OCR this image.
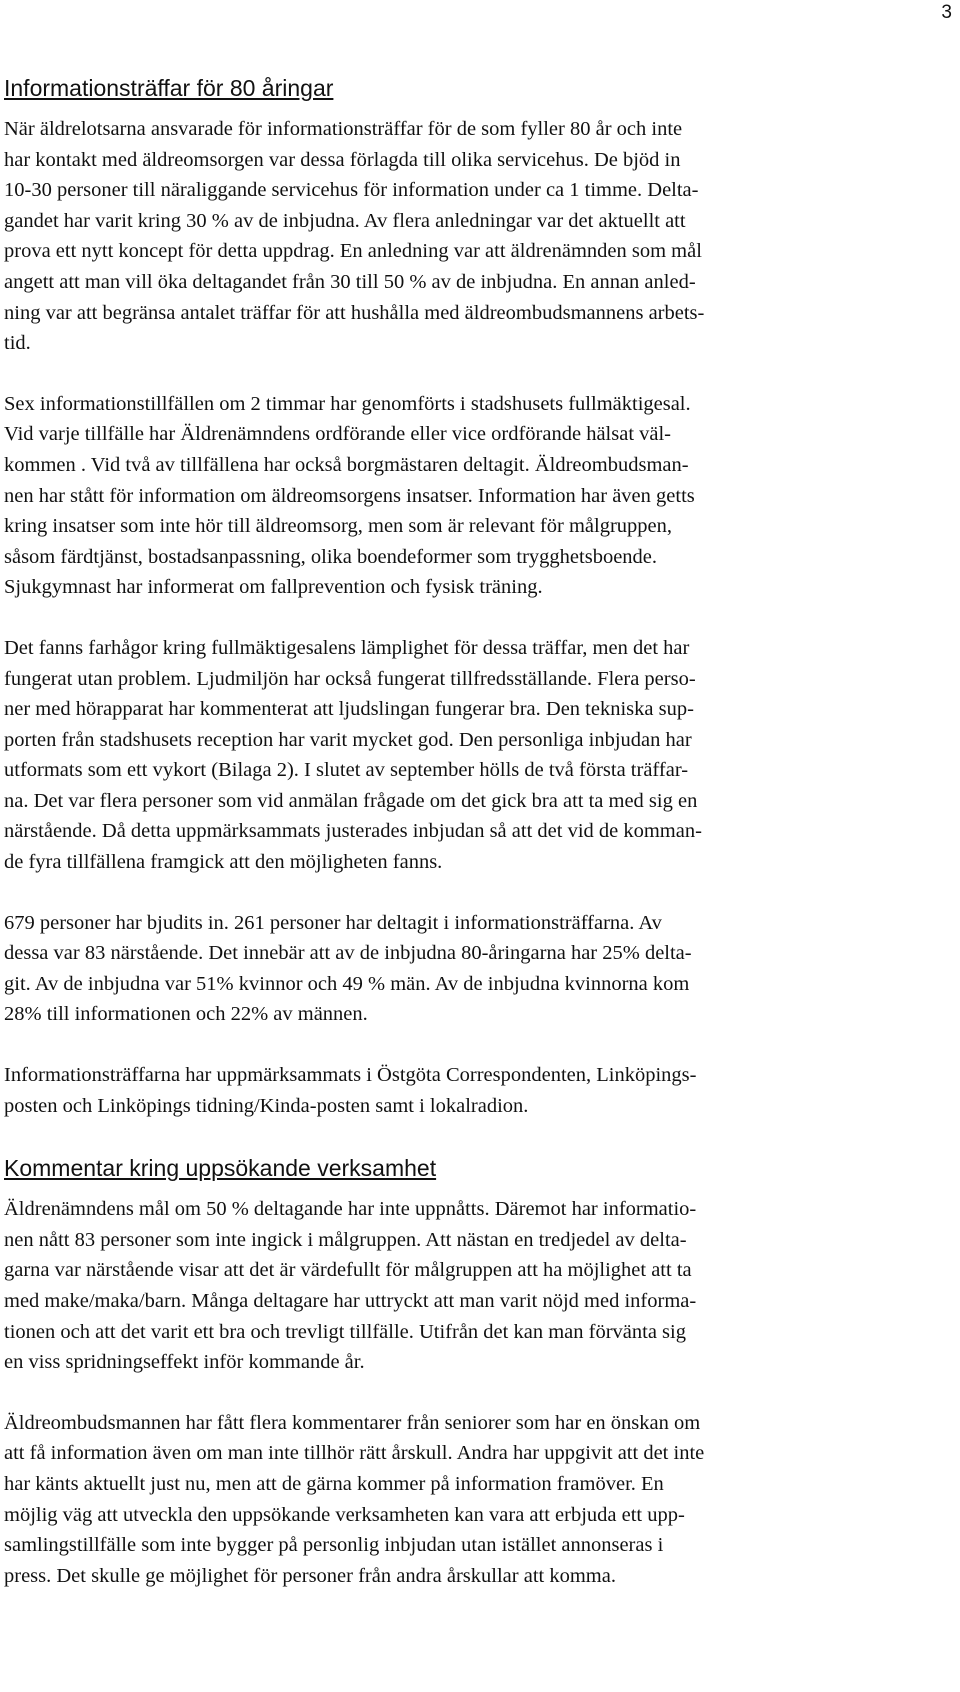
3
Informationsträffar för 80 åringar

När äldrelotsarna ansvarade för informationsträffar för de som fyller 80 år och inte
har kontakt med äldreomsorgen var dessa förlagda till olika servicehus. De bjöd in
10-30 personer till näraliggande servicehus för information under ca 1 timme. Delta-
gandet har varit kring 30 % av de inbjudna. Av flera anledningar var det aktuellt att
prova ett nytt koncept för detta uppdrag. En anledning var att äldrenämnden som mål
angett att man vill öka deltagandet från 30 till 50 % av de inbjudna. En annan anled-
ning var att begränsa antalet träffar för att hushålla med äldreombudsmannens arbets-
tid.

Sex informationstillfällen om 2 timmar har genomförts i stadshusets fullmäktigesal.
Vid varje tillfälle har Äldrenämndens ordförande eller vice ordförande hälsat väl-
kommen . Vid två av tillfällena har också borgmästaren deltagit. Äldreombudsman-
nen har stått för information om äldreomsorgens insatser. Information har även getts
kring insatser som inte hör till äldreomsorg, men som är relevant för målgruppen,
såsom färdtjänst, bostadsanpassning, olika boendeformer som trygghetsboende.
Sjukgymnast har informerat om fallprevention och fysisk träning.

Det fanns farhågor kring fullmäktigesalens lämplighet för dessa träffar, men det har
fungerat utan problem. Ljudmiljön har också fungerat tillfredsställande. Flera perso-
ner med hörapparat har kommenterat att ljudslingan fungerar bra. Den tekniska sup-
porten från stadshusets reception har varit mycket god. Den personliga inbjudan har
utformats som ett vykort (Bilaga 2). I slutet av september hölls de två första träffar-
na. Det var flera personer som vid anmälan frågade om det gick bra att ta med sig en
närstående. Då detta uppmärksammats justerades inbjudan så att det vid de komman-
de fyra tillfällena framgick att den möjligheten fanns.

679 personer har bjudits in. 261 personer har deltagit i informationsträffarna. Av
dessa var 83 närstående. Det innebär att av de inbjudna 80-åringarna har 25% delta-
git. Av de inbjudna var 51% kvinnor och 49 % män. Av de inbjudna kvinnorna kom
28% till informationen och 22% av männen.

Informationsträffarna har uppmärksammats i Östgöta Correspondenten, Linköpings-
posten och Linköpings tidning/Kinda-posten samt i lokalradion.

Kommentar kring uppsökande verksamhet

Äldrenämndens mål om 50 % deltagande har inte uppnåtts. Däremot har informatio-
nen nått 83 personer som inte ingick i målgruppen. Att nästan en tredjedel av delta-
garna var närstående visar att det är värdefullt för målgruppen att ha möjlighet att ta
med make/maka/barn. Många deltagare har uttryckt att man varit nöjd med informa-
tionen och att det varit ett bra och trevligt tillfälle. Utifrån det kan man förvänta sig
en viss spridningseffekt inför kommande år.

Äldreombudsmannen har fått flera kommentarer från seniorer som har en önskan om
att få information även om man inte tillhör rätt årskull. Andra har uppgivit att det inte
har känts aktuellt just nu, men att de gärna kommer på information framöver. En
möjlig väg att utveckla den uppsökande verksamheten kan vara att erbjuda ett upp-
samlingstillfälle som inte bygger på personlig inbjudan utan istället annonseras i
press. Det skulle ge möjlighet för personer från andra årskullar att komma.
